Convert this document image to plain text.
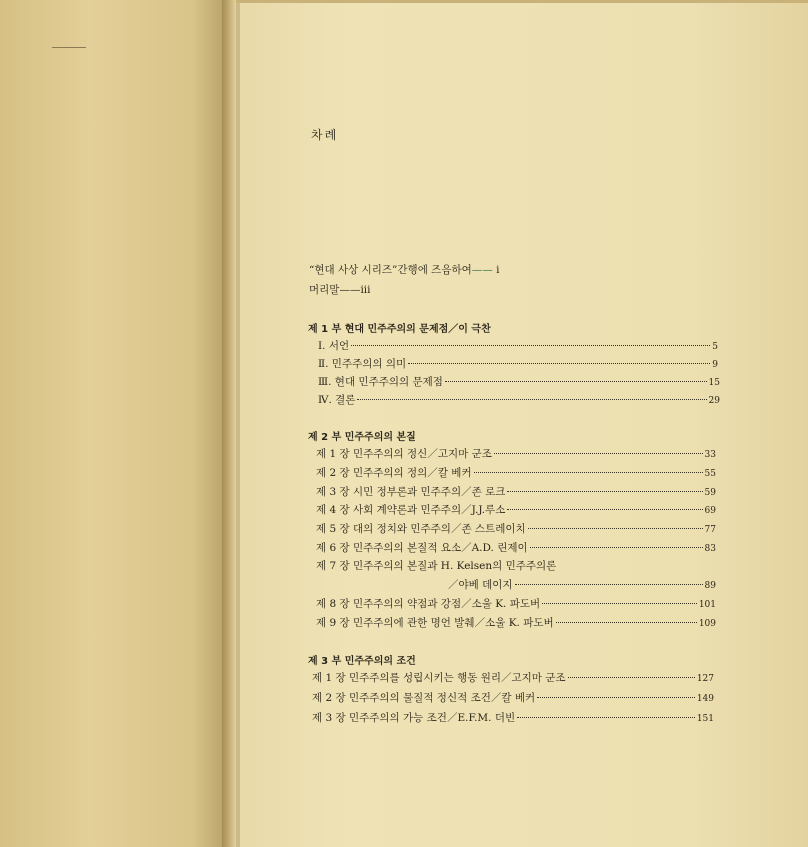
차례
“현대 사상 시리즈”간행에 즈음하여—— i
머리말——iii
제 1 부 현대 민주주의의 문제점／이 극찬
Ⅰ. 서언	5
Ⅱ. 민주주의의 의미	9
Ⅲ. 현대 민주주의의 문제점	15
Ⅳ. 결론	29
제 2 부 민주주의의 본질
제 1 장 민주주의의 정신／고지마 군조	33
제 2 장 민주주의의 정의／칼 베커	55
제 3 장 시민 정부론과 민주주의／존 로크	59
제 4 장 사회 계약론과 민주주의／J.J.루소	69
제 5 장 대의 정치와 민주주의／존 스트레이치	77
제 6 장 민주주의의 본질적 요소／A.D. 린제이	83
제 7 장 민주주의의 본질과 H. Kelsen의 민주주의론
／야베 데이지	89
제 8 장 민주주의의 약점과 강점／소울 K. 파도버	101
제 9 장 민주주의에 관한 명언 발췌／소울 K. 파도버	109
제 3 부 민주주의의 조건
제 1 장 민주주의를 성립시키는 행동 원리／고지마 군조	127
제 2 장 민주주의의 물질적 정신적 조건／칼 베커	149
제 3 장 민주주의의 가능 조건／E.F.M. 더빈	151
